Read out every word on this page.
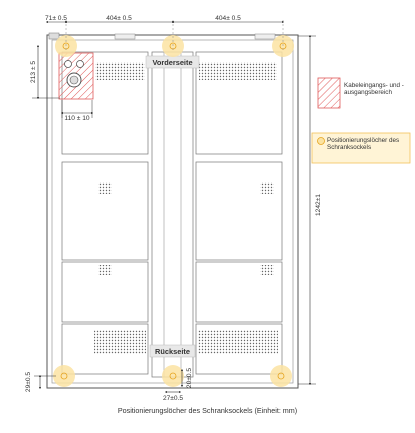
Vorderseite
Rückseite
71± 0.5	404± 0.5	404± 0.5
213 ± 5
110 ± 10
1242±1
29±0.5	20±0.5
27±0.5
Kabeleingangs- und -ausgangsbereich
Positionierungslöcher des Schranksockels
Positionierungslöcher des Schranksockels (Einheit: mm)
